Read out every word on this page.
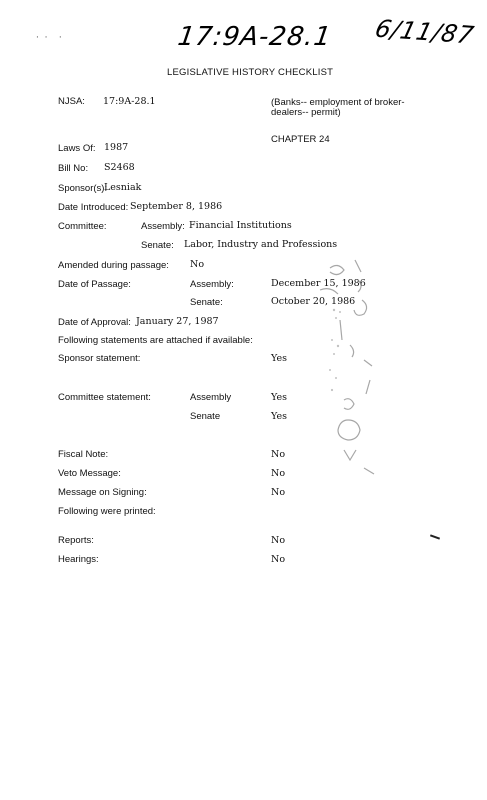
17:9A-28.1 6/11/87
·  ·    ·
LEGISLATIVE HISTORY CHECKLIST
NJSA: 17:9A-28.1	(Banks-- employment of broker-
dealers-- permit)
CHAPTER 24
Laws Of: 1987
Bill No: S2468
Sponsor(s):
Lesniak
Date Introduced: September 8, 1986
Committee:	Assembly: Financial Institutions
Senate: Labor, Industry and Professions
Amended during passage: No
Date of Passage:	Assembly:	December 15, 1986
Senate:	October 20, 1986
Date of Approval: January 27, 1987
Following statements are attached if available:
Sponsor statement:	Yes
Committee statement:	Assembly	Yes
Senate	Yes
Fiscal Note:	No
Veto Message:	No
Message on Signing:	No
Following were printed:
Reports:	No
Hearings:	No
